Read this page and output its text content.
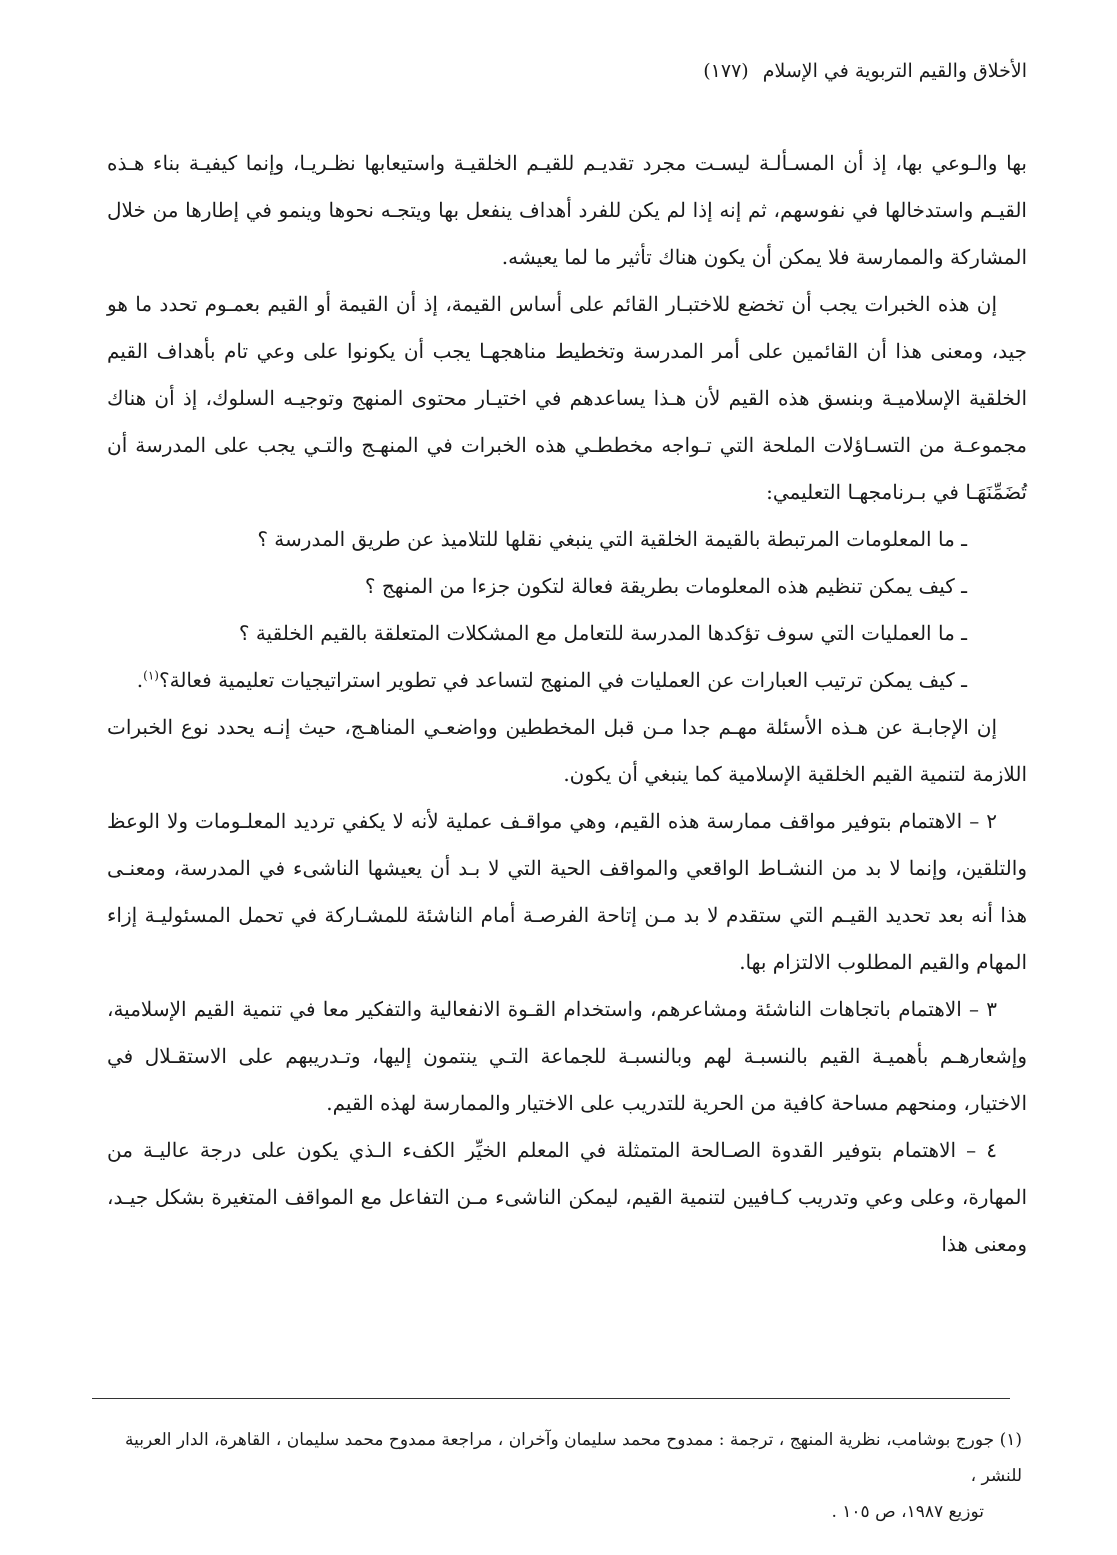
الأخلاق والقيم التربوية في الإسلام (١٧٧)

بها والـوعي بها، إذ أن المسـألـة ليسـت مجرد تقديـم للقيـم الخلقيـة واستيعابها نظـريـا، وإنما كيفيـة بناء هـذه القيـم واستدخالها في نفوسهم، ثم إنه إذا لم يكن للفرد أهداف ينفعل بها ويتجـه نحوها وينمو في إطارها من خلال المشاركة والممارسة فلا يمكن أن يكون هناك تأثير ما لما يعيشه.

إن هذه الخبرات يجب أن تخضع للاختبـار القائم على أساس القيمة، إذ أن القيمة أو القيم بعمـوم تحدد ما هو جيد، ومعنى هذا أن القائمين على أمر المدرسة وتخطيط مناهجهـا يجب أن يكونوا على وعي تام بأهداف القيم الخلقية الإسلاميـة وبنسق هذه القيم لأن هـذا يساعدهم في اختيـار محتوى المنهج وتوجيـه السلوك، إذ أن هناك مجموعـة من التسـاؤلات الملحة التي تـواجه مخططـي هذه الخبرات في المنهـج والتـي يجب على المدرسة أن تُضَمِّنَهَـا في بـرنامجهـا التعليمي:

ـ ما المعلومات المرتبطة بالقيمة الخلقية التي ينبغي نقلها للتلاميذ عن طريق المدرسة ؟

ـ كيف يمكن تنظيم هذه المعلومات بطريقة فعالة لتكون جزءا من المنهج ؟

ـ ما العمليات التي سوف تؤكدها المدرسة للتعامل مع المشكلات المتعلقة بالقيم الخلقية ؟

ـ كيف يمكن ترتيب العبارات عن العمليات في المنهج لتساعد في تطوير استراتيجيات تعليمية فعالة؟$^{(١)}$.

إن الإجابـة عن هـذه الأسئلة مهـم جدا مـن قبل المخططين وواضعـي المناهـج، حيث إنـه يحدد نوع الخبرات اللازمة لتنمية القيم الخلقية الإسلامية كما ينبغي أن يكون.

٢ – الاهتمام بتوفير مواقف ممارسة هذه القيم، وهي مواقـف عملية لأنه لا يكفي ترديد المعلـومات ولا الوعظ والتلقين، وإنما لا بد من النشـاط الواقعي والمواقف الحية التي لا بـد أن يعيشها الناشىء في المدرسة، ومعنـى هذا أنه بعد تحديد القيـم التي ستقدم لا بد مـن إتاحة الفرصـة أمام الناشئة للمشـاركة في تحمل المسئوليـة إزاء المهام والقيم المطلوب الالتزام بها.

٣ – الاهتمام باتجاهات الناشئة ومشاعرهم، واستخدام القـوة الانفعالية والتفكير معا في تنمية القيم الإسلامية، وإشعارهـم بأهميـة القيم بالنسبـة لهم وبالنسبـة للجماعة التـي ينتمون إليها، وتـدريبهم على الاستقـلال في الاختيار، ومنحهم مساحة كافية من الحرية للتدريب على الاختيار والممارسة لهذه القيم.

٤ – الاهتمام بتوفير القدوة الصـالحة المتمثلة في المعلم الخيِّر الكفء الـذي يكون على درجة عاليـة من المهارة، وعلى وعي وتدريب كـافيين لتنمية القيم، ليمكن الناشىء مـن التفاعل مع المواقف المتغيرة بشكل جيـد، ومعنى هذا

(١) جورج بوشامب، نظرية المنهج ، ترجمة : ممدوح محمد سليمان وآخران ، مراجعة ممدوح محمد سليمان ، القاهرة، الدار العربية للنشر ،

توزيع ١٩٨٧، ص ١٠٥ .
